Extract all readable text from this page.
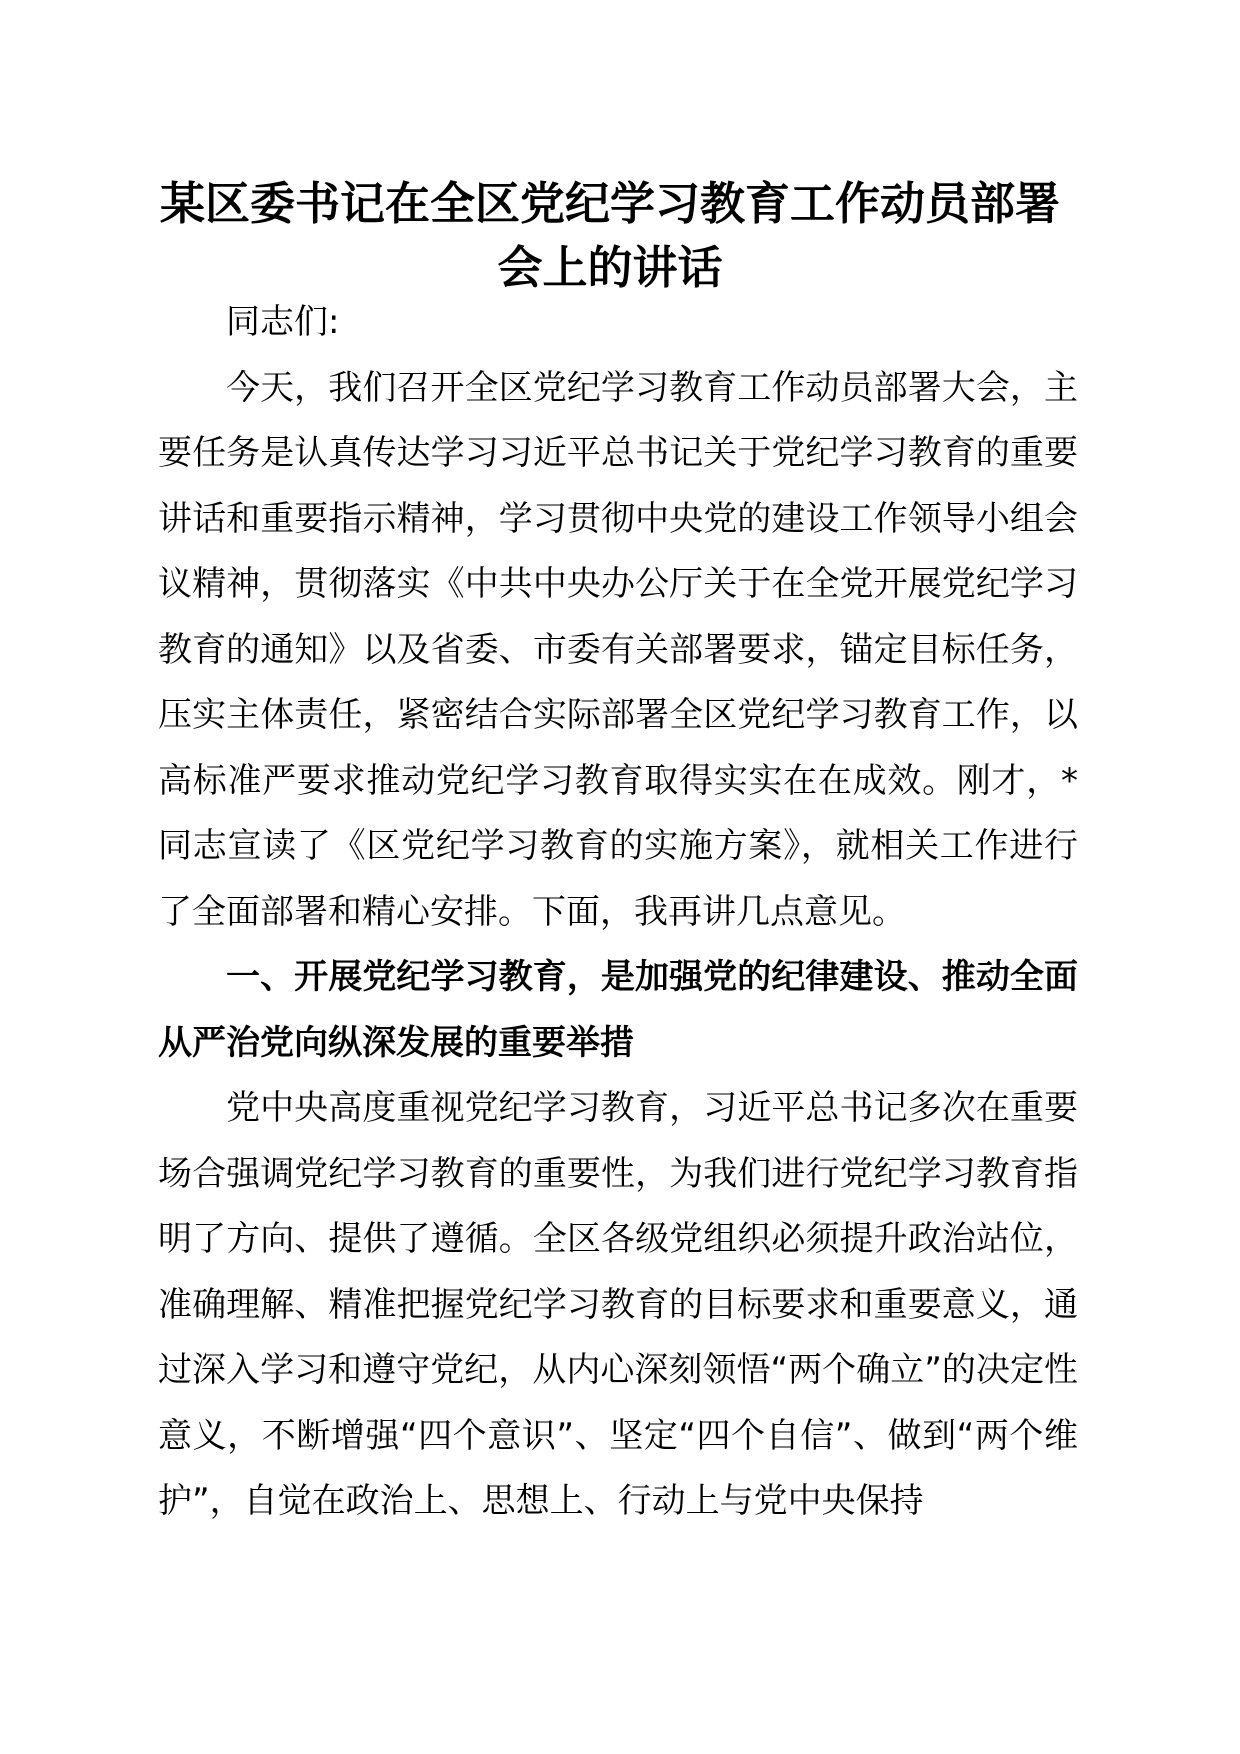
某区委书记在全区党纪学习教育工作动员部署会上的讲话

同志们:

今天，我们召开全区党纪学习教育工作动员部署大会，主要任务是认真传达学习习近平总书记关于党纪学习教育的重要讲话和重要指示精神，学习贯彻中央党的建设工作领导小组会议精神，贯彻落实《中共中央办公厅关于在全党开展党纪学习教育的通知》以及省委、市委有关部署要求，锚定目标任务，压实主体责任，紧密结合实际部署全区党纪学习教育工作，以高标准严要求推动党纪学习教育取得实实在在成效。刚才，*同志宣读了《区党纪学习教育的实施方案》，就相关工作进行了全面部署和精心安排。下面，我再讲几点意见。

一、开展党纪学习教育，是加强党的纪律建设、推动全面从严治党向纵深发展的重要举措

党中央高度重视党纪学习教育，习近平总书记多次在重要场合强调党纪学习教育的重要性，为我们进行党纪学习教育指明了方向、提供了遵循。全区各级党组织必须提升政治站位，准确理解、精准把握党纪学习教育的目标要求和重要意义，通过深入学习和遵守党纪，从内心深刻领悟“两个确立”的决定性意义，不断增强“四个意识”、坚定“四个自信”、做到“两个维护”，自觉在政治上、思想上、行动上与党中央保持
